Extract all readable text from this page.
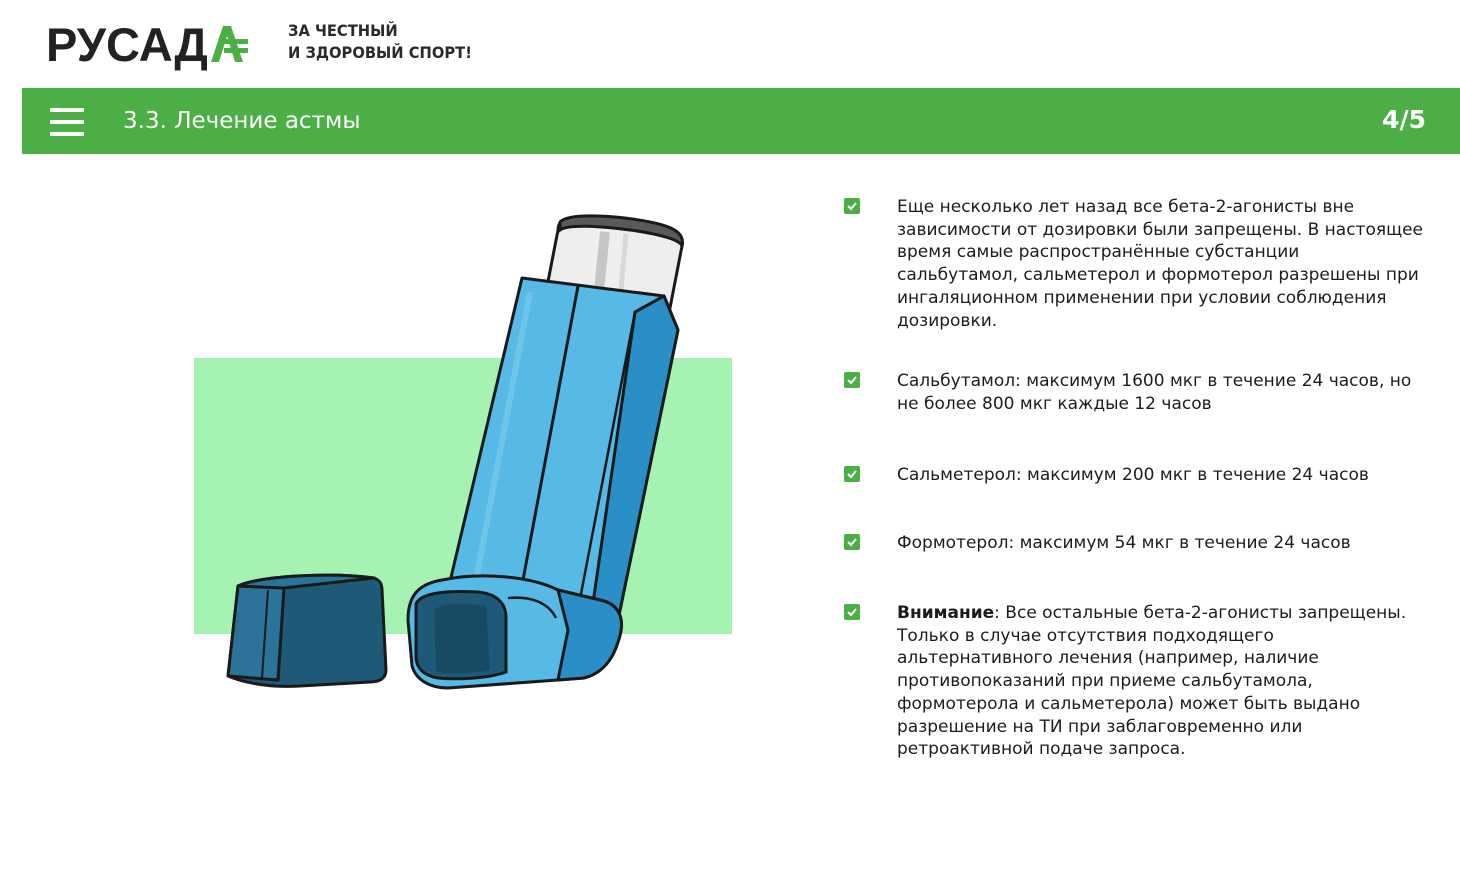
РУСАД	ЗА ЧЕСТНЫЙ
И ЗДОРОВЫЙ СПОРТ!
3.3. Лечение астмы	4/5
Еще несколько лет назад все бета-2-агонисты вне зависимости от дозировки были запрещены. В настоящее время самые распространённые субстанции сальбутамол, сальметерол и формотерол разрешены при ингаляционном применении при условии соблюдения дозировки.
Сальбутамол: максимум 1600 мкг в течение 24 часов, но не более 800 мкг каждые 12 часов
Сальметерол: максимум 200 мкг в течение 24 часов
Формотерол: максимум 54 мкг в течение 24 часов
Внимание: Все остальные бета-2-агонисты запрещены. Только в случае отсутствия подходящего альтернативного лечения (например, наличие противопоказаний при приеме сальбутамола, формотерола и сальметерола) может быть выдано разрешение на ТИ при заблаговременно или ретроактивной подаче запроса.
